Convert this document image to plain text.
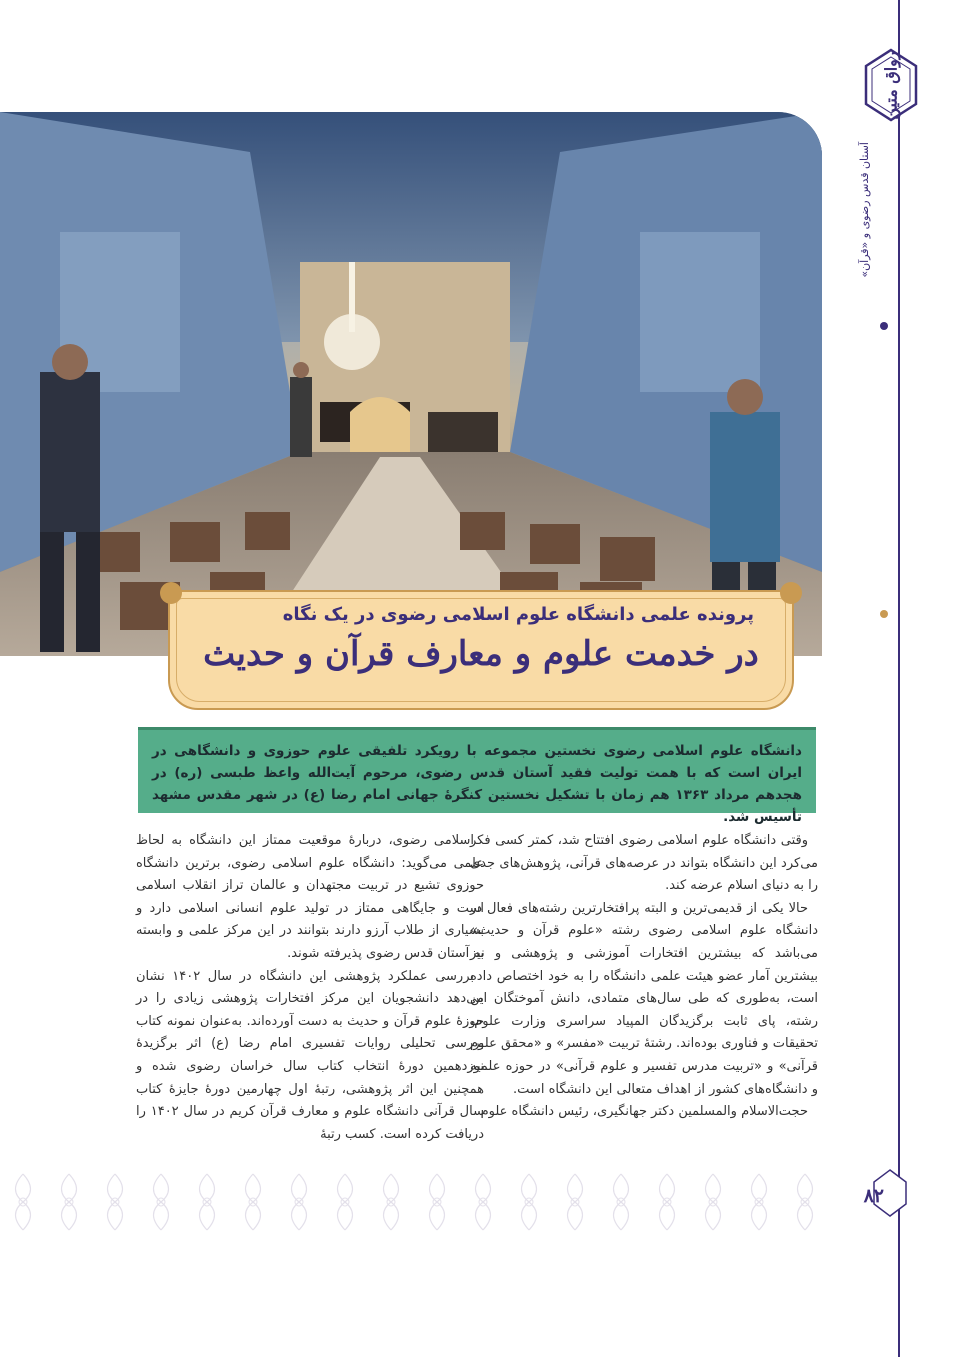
رواق متین
آستان قدس رضوی و «قرآن»
پرونده علمی دانشگاه علوم اسلامی رضوی در یک نگاه
در خدمت علوم و معارف قرآن و حدیث
دانشگاه علوم اسلامی رضوی نخستین مجموعه با رویکرد تلفیقی علوم حوزوی و دانشگاهی در ایران است که با همت تولیت فقید آستان قدس رضوی، مرحوم آیت‌الله واعظ طبسی (ره) در هجدهم مرداد ۱۳۶۳ هم زمان با تشکیل نخستین کنگرهٔ جهانی امام رضا (ع) در شهر مقدس مشهد تأسیس شد.

وقتی دانشگاه علوم اسلامی رضوی افتتاح شد، کمتر کسی فکر می‌کرد این دانشگاه بتواند در عرصه‌های قرآنی، پژوهش‌های جدی را به دنیای اسلام عرضه کند.

حالا یکی از قدیمی‌ترین و البته پرافتخارترین رشته‌های فعال در دانشگاه علوم اسلامی رضوی رشته «علوم قرآن و حدیث» می‌باشد که بیشترین افتخارات آموزشی و پژوهشی و نیز بیشترین آمار عضو هیئت علمی دانشگاه را به خود اختصاص داده است، به‌طوری که طی سال‌های متمادی، دانش آموختگان این رشته، پای ثابت برگزیدگان المپیاد سراسری وزارت علوم، تحقیقات و فناوری بوده‌اند. رشتهٔ تربیت «مفسر» و «محقق علوم قرآنی» و «تربیت مدرس تفسیر و علوم قرآنی» در حوزه علمیه و دانشگاه‌های کشور از اهداف متعالی این دانشگاه است.

حجت‌الاسلام والمسلمین دکتر جهانگیری، رئیس دانشگاه علوم

اسلامی رضوی، دربارهٔ موقعیت ممتاز این دانشگاه به لحاظ علمی می‌گوید: دانشگاه علوم اسلامی رضوی، برترین دانشگاه حوزوی تشیع در تربیت مجتهدان و عالمان تراز انقلاب اسلامی است و جایگاهی ممتاز در تولید علوم انسانی اسلامی دارد و بسیاری از طلاب آرزو دارند بتوانند در این مرکز علمی و وابسته به آستان قدس رضوی پذیرفته شوند.

بررسی عملکرد پژوهشی این دانشگاه در سال ۱۴۰۲ نشان می‌دهد دانشجویان این مرکز افتخارات پژوهشی زیادی را در حوزهٔ علوم قرآن و حدیث به دست آورده‌اند. به‌عنوان نمونه کتاب بررسی تحلیلی روایات تفسیری امام رضا (ع) اثر برگزیدهٔ نوزدهمین دورهٔ انتخاب کتاب سال خراسان رضوی شده و همچنین این اثر پژوهشی، رتبهٔ اول چهارمین دورهٔ جایزهٔ کتاب سال قرآنی دانشگاه علوم و معارف قرآن کریم در سال ۱۴۰۲ را دریافت کرده است. کسب رتبهٔ

۸۲
